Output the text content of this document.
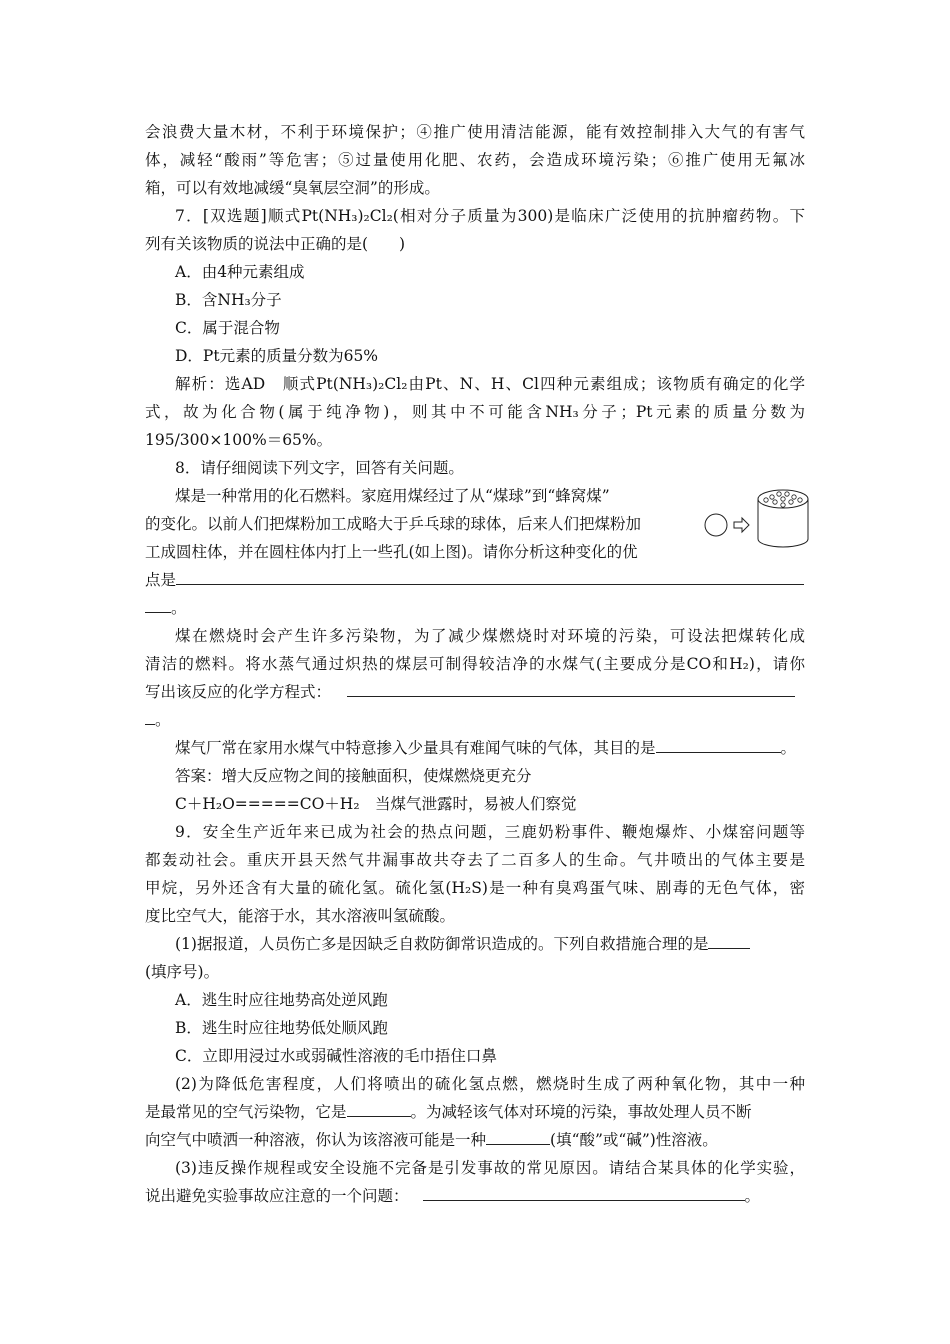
会浪费大量木材，不利于环境保护；④推广使用清洁能源，能有效控制排入大气的有害气
体，减轻“酸雨”等危害；⑤过量使用化肥、农药，会造成环境污染；⑥推广使用无氟冰
箱，可以有效地减缓“臭氧层空洞”的形成。
7．[双选题]顺式Pt(NH₃)₂Cl₂(相对分子质量为300)是临床广泛使用的抗肿瘤药物。下
列有关该物质的说法中正确的是(　　)
A．由4种元素组成
B．含NH₃分子
C．属于混合物
D．Pt元素的质量分数为65%
解析：选AD　顺式Pt(NH₃)₂Cl₂由Pt、N、H、Cl四种元素组成；该物质有确定的化学
式，故为化合物(属于纯净物)，则其中不可能含NH₃分子；Pt元素的质量分数为
195/300×100%＝65%。
8．请仔细阅读下列文字，回答有关问题。
煤是一种常用的化石燃料。家庭用煤经过了从“煤球”到“蜂窝煤”
的变化。以前人们把煤粉加工成略大于乒乓球的球体，后来人们把煤粉加
工成圆柱体，并在圆柱体内打上一些孔(如上图)。请你分析这种变化的优
点是
。
煤在燃烧时会产生许多污染物，为了减少煤燃烧时对环境的污染，可设法把煤转化成
清洁的燃料。将水蒸气通过炽热的煤层可制得较洁净的水煤气(主要成分是CO和H₂)，请你
写出该反应的化学方程式：
。
煤气厂常在家用水煤气中特意掺入少量具有难闻气味的气体，其目的是	。
答案：增大反应物之间的接触面积，使煤燃烧更充分
C＋H₂O=====CO＋H₂　当煤气泄露时，易被人们察觉
9．安全生产近年来已成为社会的热点问题，三鹿奶粉事件、鞭炮爆炸、小煤窑问题等
都轰动社会。重庆开县天然气井漏事故共夺去了二百多人的生命。气井喷出的气体主要是
甲烷，另外还含有大量的硫化氢。硫化氢(H₂S)是一种有臭鸡蛋气味、剧毒的无色气体，密
度比空气大，能溶于水，其水溶液叫氢硫酸。
(1)据报道，人员伤亡多是因缺乏自救防御常识造成的。下列自救措施合理的是
(填序号)。
A．逃生时应往地势高处逆风跑
B．逃生时应往地势低处顺风跑
C．立即用浸过水或弱碱性溶液的毛巾捂住口鼻
(2)为降低危害程度，人们将喷出的硫化氢点燃，燃烧时生成了两种氧化物，其中一种
是最常见的空气污染物，它是	。为减轻该气体对环境的污染，事故处理人员不断
向空气中喷洒一种溶液，你认为该溶液可能是一种	(填“酸”或“碱”)性溶液。
(3)违反操作规程或安全设施不完备是引发事故的常见原因。请结合某具体的化学实验，
说出避免实验事故应注意的一个问题：	。
